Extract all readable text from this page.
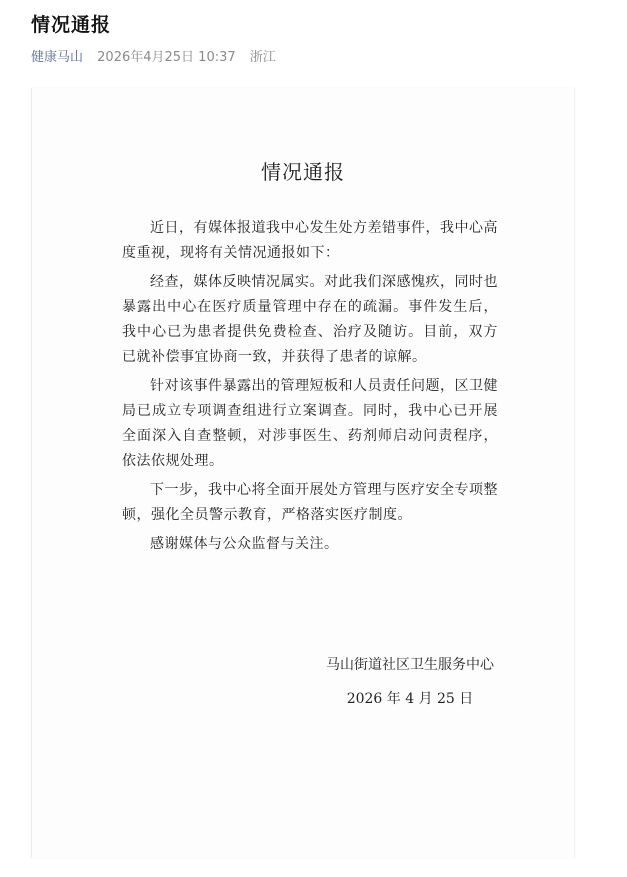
情况通报
健康马山 2026年4月25日 10:37 浙江
情况通报

近日，有媒体报道我中心发生处方差错事件，我中心高度重视，现将有关情况通报如下：

经查，媒体反映情况属实。对此我们深感愧疚，同时也暴露出中心在医疗质量管理中存在的疏漏。事件发生后，我中心已为患者提供免费检查、治疗及随访。目前，双方已就补偿事宜协商一致，并获得了患者的谅解。

针对该事件暴露出的管理短板和人员责任问题，区卫健局已成立专项调查组进行立案调查。同时，我中心已开展全面深入自查整顿，对涉事医生、药剂师启动问责程序，依法依规处理。

下一步，我中心将全面开展处方管理与医疗安全专项整顿，强化全员警示教育，严格落实医疗制度。

感谢媒体与公众监督与关注。

马山街道社区卫生服务中心
2026 年 4 月 25 日
